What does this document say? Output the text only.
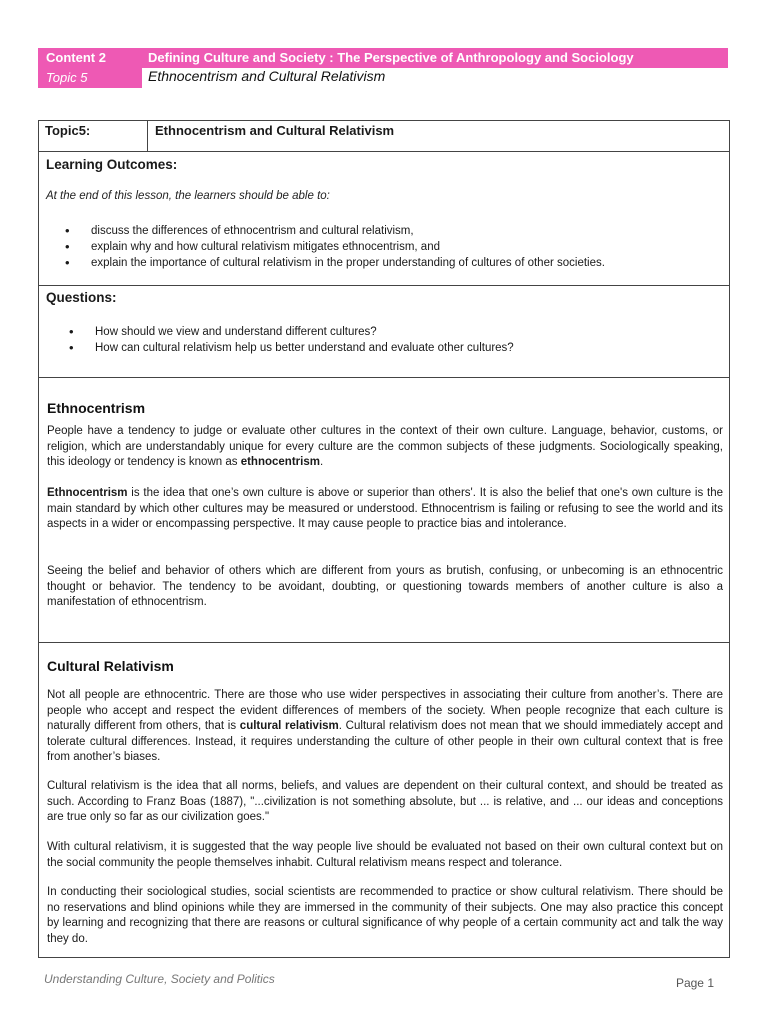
Content 2	Defining Culture and Society : The Perspective of Anthropology and Sociology
Topic 5	Ethnocentrism and Cultural Relativism
Topic5:	Ethnocentrism and Cultural Relativism
Learning Outcomes:
At the end of this lesson, the learners should be able to:
• discuss the differences of ethnocentrism and cultural relativism,
• explain why and how cultural relativism mitigates ethnocentrism, and
• explain the importance of cultural relativism in the proper understanding of cultures of other societies.
Questions:
• How should we view and understand different cultures?
• How can cultural relativism help us better understand and evaluate other cultures?
Ethnocentrism

People have a tendency to judge or evaluate other cultures in the context of their own culture. Language, behavior, customs, or religion, which are understandably unique for every culture are the common subjects of these judgments. Sociologically speaking, this ideology or tendency is known as ethnocentrism.

Ethnocentrism is the idea that one’s own culture is above or superior than others'. It is also the belief that one's own culture is the main standard by which other cultures may be measured or understood. Ethnocentrism is failing or refusing to see the world and its aspects in a wider or encompassing perspective. It may cause people to practice bias and intolerance.

Seeing the belief and behavior of others which are different from yours as brutish, confusing, or unbecoming is an ethnocentric thought or behavior. The tendency to be avoidant, doubting, or questioning towards members of another culture is also a manifestation of ethnocentrism.

Cultural Relativism

Not all people are ethnocentric. There are those who use wider perspectives in associating their culture from another’s. There are people who accept and respect the evident differences of members of the society. When people recognize that each culture is naturally different from others, that is cultural relativism. Cultural relativism does not mean that we should immediately accept and tolerate cultural differences. Instead, it requires understanding the culture of other people in their own cultural context that is free from another’s biases.

Cultural relativism is the idea that all norms, beliefs, and values are dependent on their cultural context, and should be treated as such. According to Franz Boas (1887), "...civilization is not something absolute, but ... is relative, and ... our ideas and conceptions are true only so far as our civilization goes."

With cultural relativism, it is suggested that the way people live should be evaluated not based on their own cultural context but on the social community the people themselves inhabit. Cultural relativism means respect and tolerance.

In conducting their sociological studies, social scientists are recommended to practice or show cultural relativism. There should be no reservations and blind opinions while they are immersed in the community of their subjects. One may also practice this concept by learning and recognizing that there are reasons or cultural significance of why people of a certain community act and talk the way they do.

Understanding Culture, Society and Politics	Page 1
